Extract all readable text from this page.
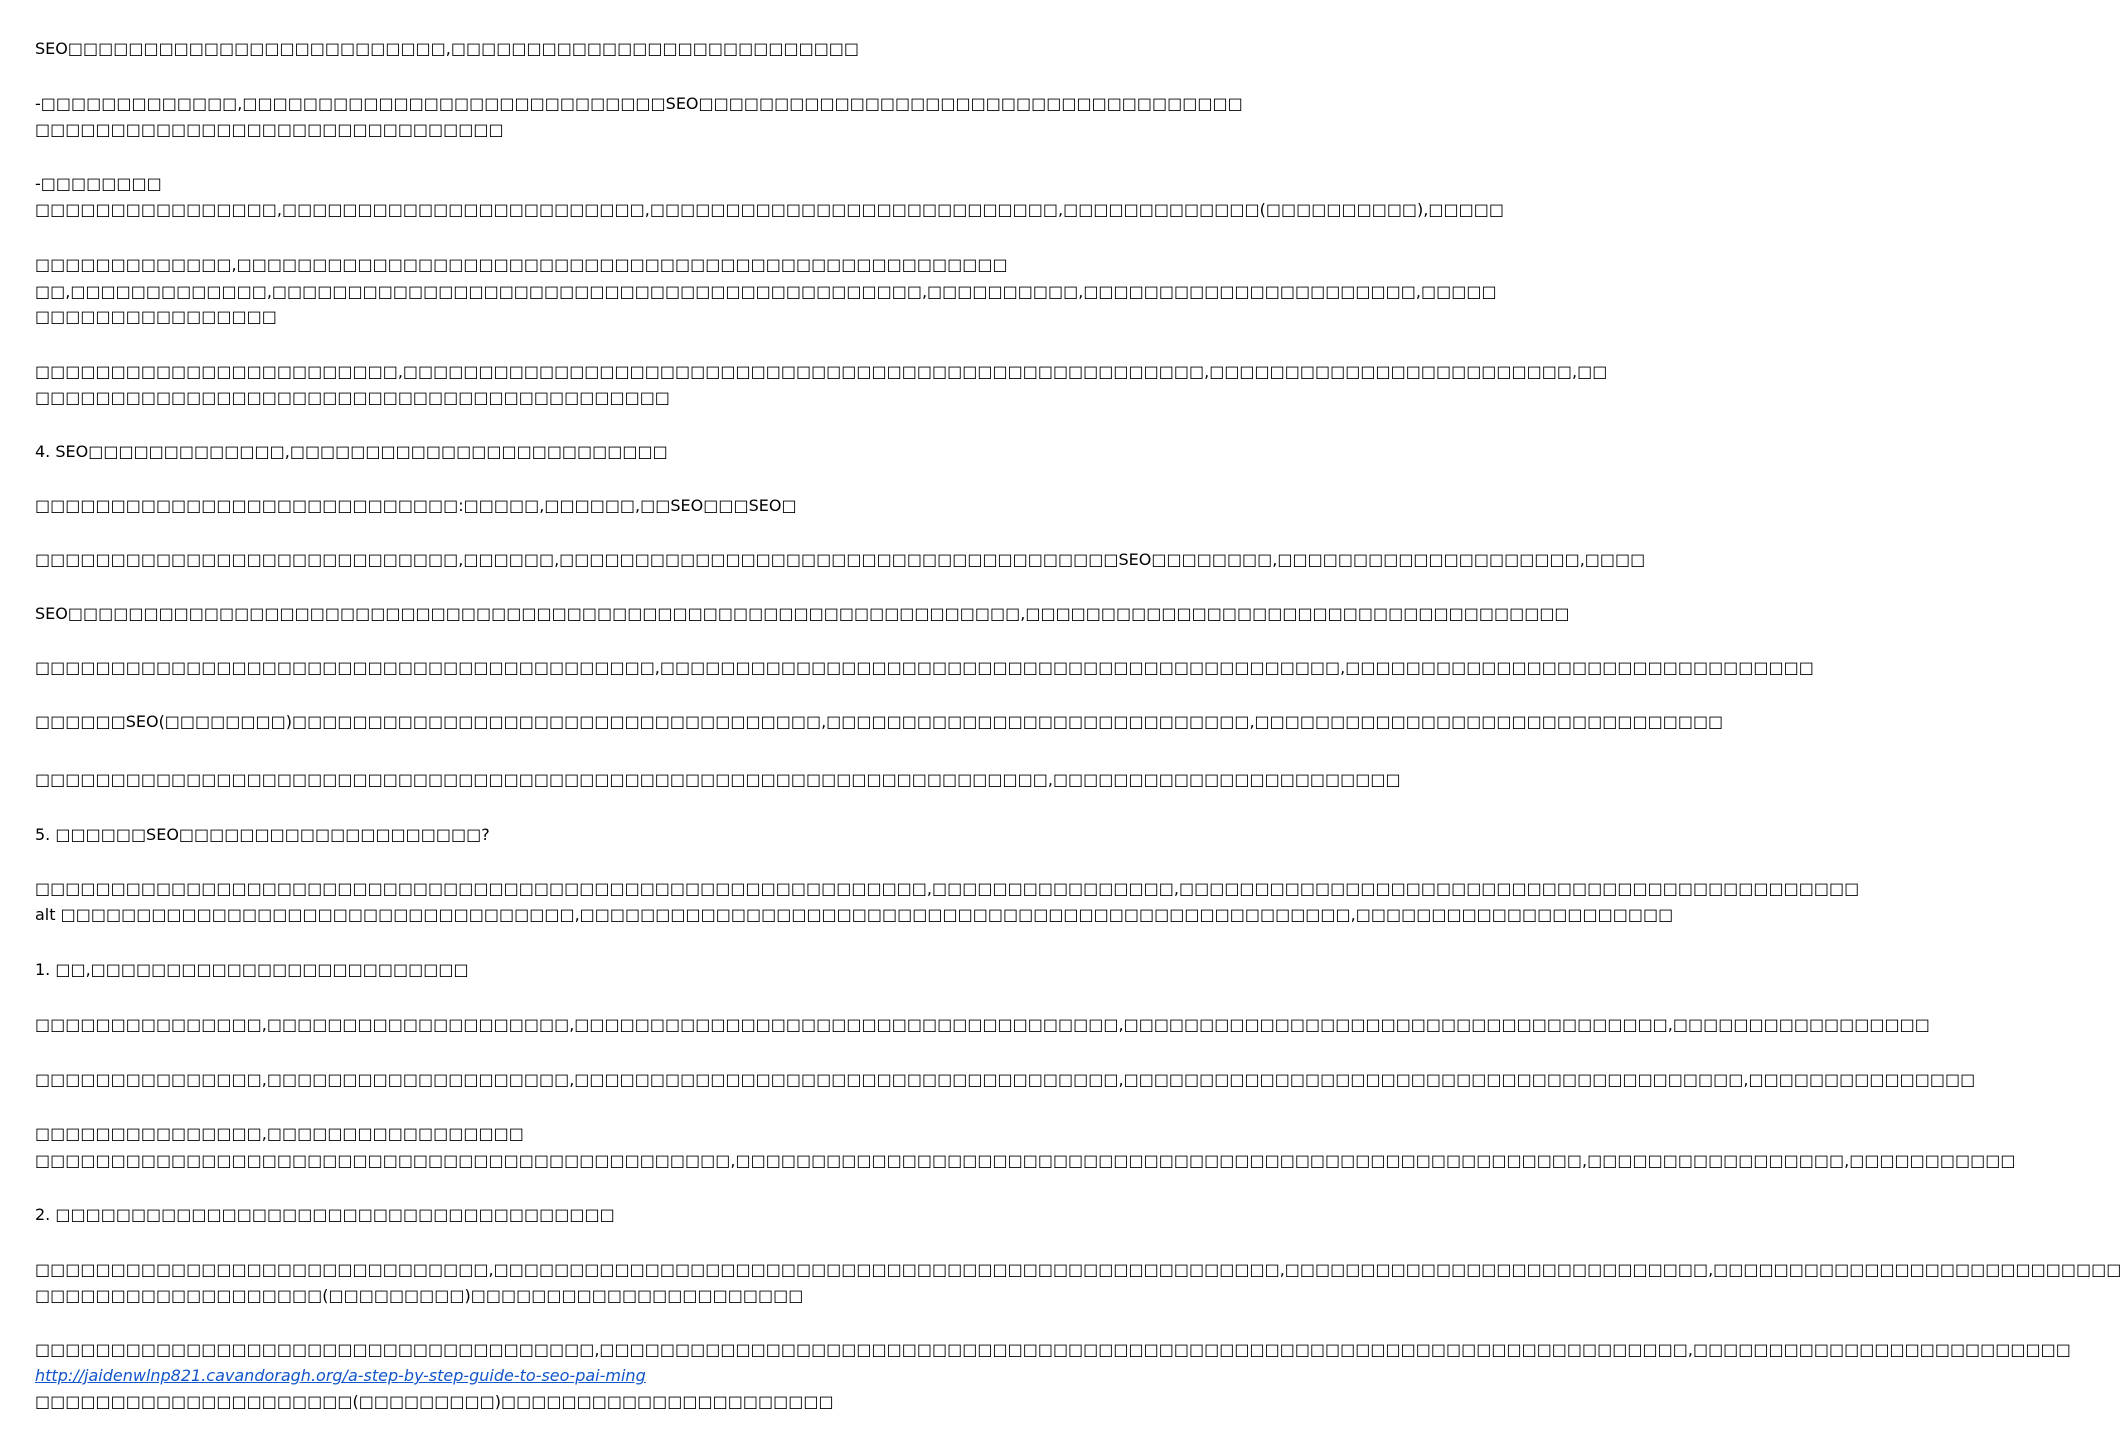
SEO□□□□□□□□□□□□□□□□□□□□□□□□□,□□□□□□□□□□□□□□□□□□□□□□□□□□□
-□□□□□□□□□□□□□,□□□□□□□□□□□□□□□□□□□□□□□□□□□□SEO□□□□□□□□□□□□□□□□□□□□□□□□□□□□□□□□□□□□
□□□□□□□□□□□□□□□□□□□□□□□□□□□□□□□
-□□□□□□□□
□□□□□□□□□□□□□□□□,□□□□□□□□□□□□□□□□□□□□□□□□,□□□□□□□□□□□□□□□□□□□□□□□□□□□,□□□□□□□□□□□□□(□□□□□□□□□□),□□□□□
□□□□□□□□□□□□□,□□□□□□□□□□□□□□□□□□□□□□□□□□□□□□□□□□□□□□□□□□□□□□□□□□□
□□,□□□□□□□□□□□□□,□□□□□□□□□□□□□□□□□□□□□□□□□□□□□□□□□□□□□□□□□□□,□□□□□□□□□□,□□□□□□□□□□□□□□□□□□□□□□,□□□□□
□□□□□□□□□□□□□□□□
□□□□□□□□□□□□□□□□□□□□□□□□,□□□□□□□□□□□□□□□□□□□□□□□□□□□□□□□□□□□□□□□□□□□□□□□□□□□□□,□□□□□□□□□□□□□□□□□□□□□□□□,□□
□□□□□□□□□□□□□□□□□□□□□□□□□□□□□□□□□□□□□□□□□□
4. SEO□□□□□□□□□□□□□,□□□□□□□□□□□□□□□□□□□□□□□□□
□□□□□□□□□□□□□□□□□□□□□□□□□□□□:□□□□□,□□□□□□,□□SEO□□□SEO□
□□□□□□□□□□□□□□□□□□□□□□□□□□□□,□□□□□□,□□□□□□□□□□□□□□□□□□□□□□□□□□□□□□□□□□□□□SEO□□□□□□□□,□□□□□□□□□□□□□□□□□□□□,□□□□
SEO□□□□□□□□□□□□□□□□□□□□□□□□□□□□□□□□□□□□□□□□□□□□□□□□□□□□□□□□□□□□□□□,□□□□□□□□□□□□□□□□□□□□□□□□□□□□□□□□□□□□
□□□□□□□□□□□□□□□□□□□□□□□□□□□□□□□□□□□□□□□□□,□□□□□□□□□□□□□□□□□□□□□□□□□□□□□□□□□□□□□□□□□□□□□,□□□□□□□□□□□□□□□□□□□□□□□□□□□□□□□
□□□□□□SEO(□□□□□□□□)□□□□□□□□□□□□□□□□□□□□□□□□□□□□□□□□□□□,□□□□□□□□□□□□□□□□□□□□□□□□□□□□,□□□□□□□□□□□□□□□□□□□□□□□□□□□□□□□
□□□□□□□□□□□□□□□□□□□□□□□□□□□□□□□□□□□□□□□□□□□□□□□□□□□□□□□□□□□□□□□□□□□,□□□□□□□□□□□□□□□□□□□□□□□
5. □□□□□□SEO□□□□□□□□□□□□□□□□□□□□?
□□□□□□□□□□□□□□□□□□□□□□□□□□□□□□□□□□□□□□□□□□□□□□□□□□□□□□□□□□□,□□□□□□□□□□□□□□□□,□□□□□□□□□□□□□□□□□□□□□□□□□□□□□□□□□□□□□□□□□□□□□
alt □□□□□□□□□□□□□□□□□□□□□□□□□□□□□□□□□□,□□□□□□□□□□□□□□□□□□□□□□□□□□□□□□□□□□□□□□□□□□□□□□□□□□□,□□□□□□□□□□□□□□□□□□□□□
1. □□,□□□□□□□□□□□□□□□□□□□□□□□□□
□□□□□□□□□□□□□□□,□□□□□□□□□□□□□□□□□□□□,□□□□□□□□□□□□□□□□□□□□□□□□□□□□□□□□□□□□,□□□□□□□□□□□□□□□□□□□□□□□□□□□□□□□□□□□□,□□□□□□□□□□□□□□□□□
□□□□□□□□□□□□□□□,□□□□□□□□□□□□□□□□□□□□,□□□□□□□□□□□□□□□□□□□□□□□□□□□□□□□□□□□□,□□□□□□□□□□□□□□□□□□□□□□□□□□□□□□□□□□□□□□□□□,□□□□□□□□□□□□□□□
□□□□□□□□□□□□□□□,□□□□□□□□□□□□□□□□□
□□□□□□□□□□□□□□□□□□□□□□□□□□□□□□□□□□□□□□□□□□□□□□,□□□□□□□□□□□□□□□□□□□□□□□□□□□□□□□□□□□□□□□□□□□□□□□□□□□□□□□□,□□□□□□□□□□□□□□□□□,□□□□□□□□□□□
2. □□□□□□□□□□□□□□□□□□□□□□□□□□□□□□□□□□□□□
□□□□□□□□□□□□□□□□□□□□□□□□□□□□□□,□□□□□□□□□□□□□□□□□□□□□□□□□□□□□□□□□□□□□□□□□□□□□□□□□□□□,□□□□□□□□□□□□□□□□□□□□□□□□□□□□,□□□□□□□□□□□□□□□□□□□□□□□□□□□
□□□□□□□□□□□□□□□□□□□(□□□□□□□□□)□□□□□□□□□□□□□□□□□□□□□□
□□□□□□□□□□□□□□□□□□□□□□□□□□□□□□□□□□□□□,□□□□□□□□□□□□□□□□□□□□□□□□□□□□□□□□□□□□□□□□□□□□□□□□□□□□□□□□□□□□□□□□□□□□□□□□,□□□□□□□□□□□□□□□□□□□□□□□□□
http://jaidenwlnp821.cavandoragh.org/a-step-by-step-guide-to-seo-pai-ming
□□□□□□□□□□□□□□□□□□□□□(□□□□□□□□□)□□□□□□□□□□□□□□□□□□□□□□
